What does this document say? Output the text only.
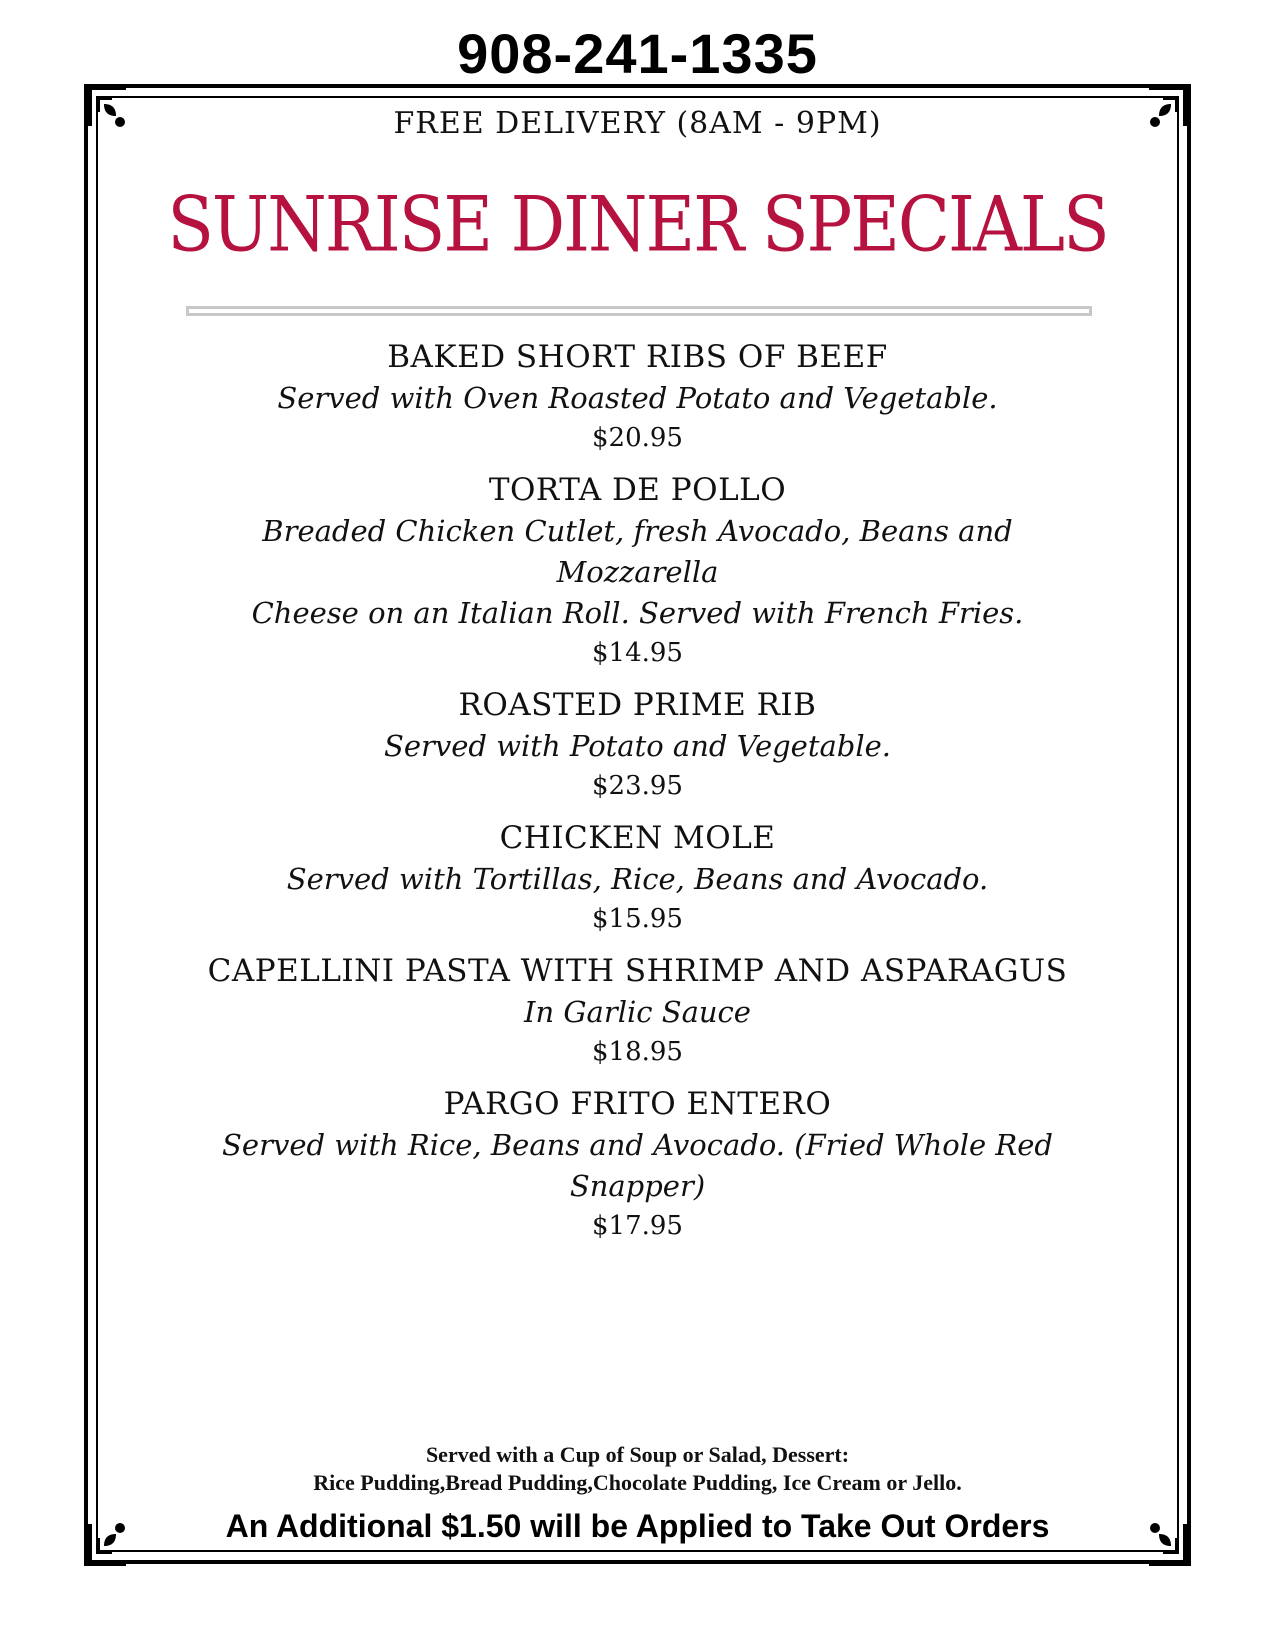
908-241-1335
FREE DELIVERY (8AM - 9PM)
SUNRISE DINER SPECIALS
BAKED SHORT RIBS OF BEEF
Served with Oven Roasted Potato and Vegetable.
$20.95
TORTA DE POLLO
Breaded Chicken Cutlet, fresh Avocado, Beans and Mozzarella
Cheese on an Italian Roll. Served with French Fries.
$14.95
ROASTED PRIME RIB
Served with Potato and Vegetable.
$23.95
CHICKEN MOLE
Served with Tortillas, Rice, Beans and Avocado.
$15.95
CAPELLINI PASTA WITH SHRIMP AND ASPARAGUS
In Garlic Sauce
$18.95
PARGO FRITO ENTERO
Served with Rice, Beans and Avocado. (Fried Whole Red
Snapper)
$17.95
Served with a Cup of Soup or Salad, Dessert:
Rice Pudding,Bread Pudding,Chocolate Pudding, Ice Cream or Jello.
An Additional $1.50 will be Applied to Take Out Orders
